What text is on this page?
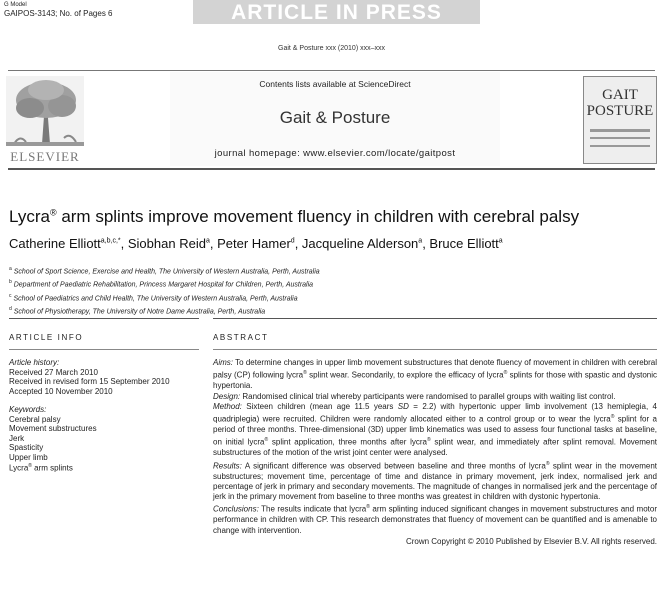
G Model
GAIPOS-3143; No. of Pages 6	ARTICLE IN PRESS
Gait & Posture xxx (2010) xxx–xxx
ELSEVIER
Contents lists available at ScienceDirect
Gait & Posture
journal homepage: www.elsevier.com/locate/gaitpost
GAIT
POSTURE
Lycra® arm splints improve movement fluency in children with cerebral palsy
Catherine Elliott$^{a,b,c,*}$, Siobhan Reid$^a$, Peter Hamer$^d$, Jacqueline Alderson$^a$, Bruce Elliott$^a$
$^a$ School of Sport Science, Exercise and Health, The University of Western Australia, Perth, Australia
$^b$ Department of Paediatric Rehabilitation, Princess Margaret Hospital for Children, Perth, Australia
$^c$ School of Paediatrics and Child Health, The University of Western Australia, Perth, Australia
$^d$ School of Physiotherapy, The University of Notre Dame Australia, Perth, Australia
ARTICLE INFO	ABSTRACT
Article history:
Received 27 March 2010
Received in revised form 15 September 2010
Accepted 10 November 2010
Keywords:
Cerebral palsy
Movement substructures
Jerk
Spasticity
Upper limb
Lycra® arm splints

Aims: To determine changes in upper limb movement substructures that denote fluency of movement in children with cerebral palsy (CP) following lycra® splint wear. Secondarily, to explore the efficacy of lycra® splints for those with spastic and dystonic hypertonia.

Design: Randomised clinical trial whereby participants were randomised to parallel groups with waiting list control.

Method: Sixteen children (mean age 11.5 years SD = 2.2) with hypertonic upper limb involvement (13 hemiplegia, 4 quadriplegia) were recruited. Children were randomly allocated either to a control group or to wear the lycra® splint for a period of three months. Three-dimensional (3D) upper limb kinematics was used to assess four functional tasks at baseline, on initial lycra® splint application, three months after lycra® splint wear, and immediately after splint removal. Movement substructures of the motion of the wrist joint center were analysed.

Results: A significant difference was observed between baseline and three months of lycra® splint wear in the movement substructures; movement time, percentage of time and distance in primary movement, jerk index, normalised jerk and percentage of jerk in primary and secondary movements. The magnitude of changes in normalised jerk and the percentage of jerk in the primary movement from baseline to three months was greatest in children with dystonic hypertonia.

Conclusions: The results indicate that lycra® arm splinting induced significant changes in movement substructures and motor performance in children with CP. This research demonstrates that fluency of movement can be quantified and is amenable to change with intervention.

Crown Copyright © 2010 Published by Elsevier B.V. All rights reserved.
